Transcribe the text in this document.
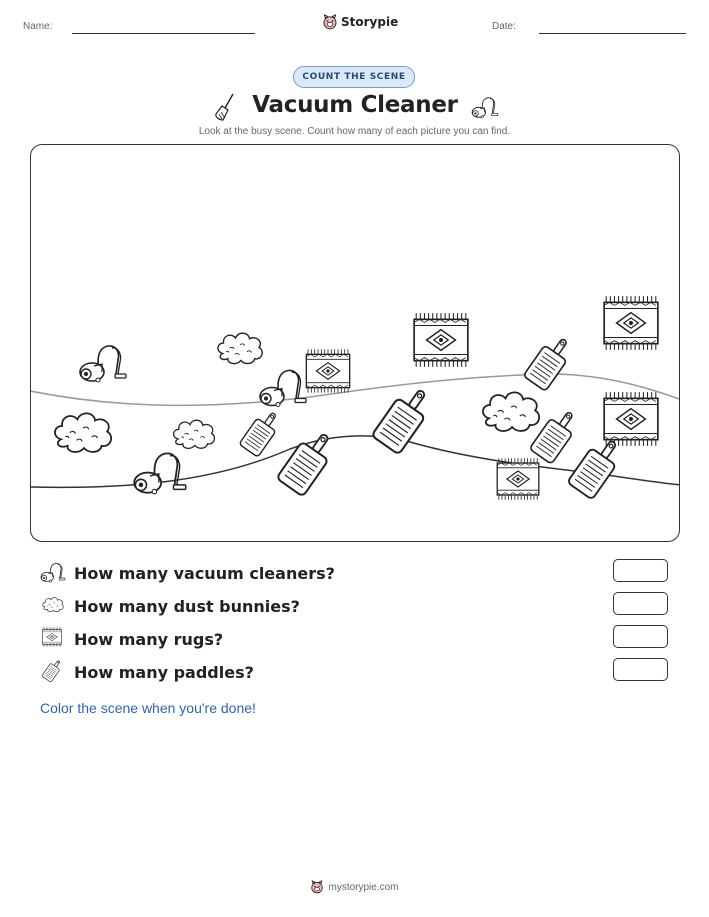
Name:	Storypie	Date:
COUNT THE SCENE
Vacuum Cleaner
Look at the busy scene. Count how many of each picture you can find.
How many vacuum cleaners?
How many dust bunnies?
How many rugs?
How many paddles?
Color the scene when you're done!
mystorypie.com
